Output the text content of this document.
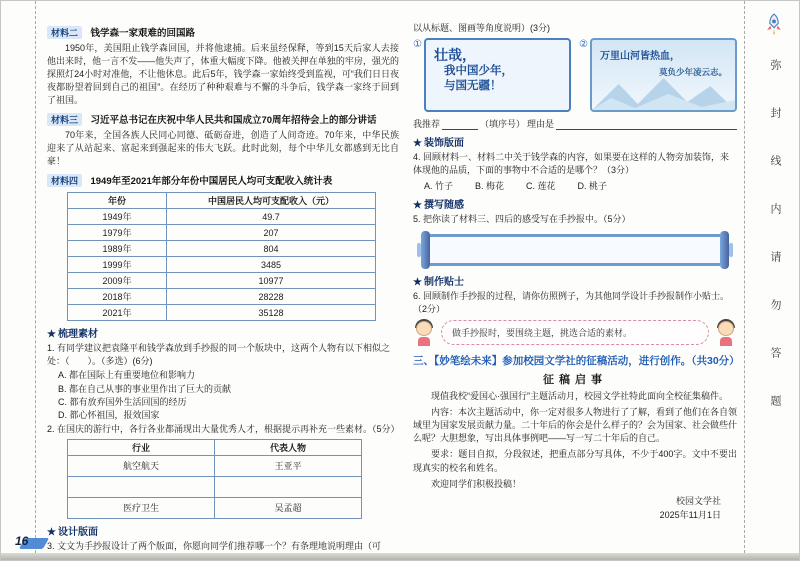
材料二 钱学森一家艰难的回国路

1950年，美国阻止钱学森回国，并将他逮捕。后来虽经保释，等到15天后家人去接他出来时，他一言不发——他失声了，体重大幅度下降。他被关押在单独的牢房，强光的探照灯24小时对准他，不让他休息。此后5年，钱学森一家始终受到监视，可“我们日日夜夜都盼望着回到自己的祖国”。在经历了种种艰难与不懈的斗争后，钱学森一家终于回到了祖国。

材料三 习近平总书记在庆祝中华人民共和国成立70周年招待会上的部分讲话

70年来，全国各族人民同心同德、砥砺奋进，创造了人间奇迹。70年来，中华民族迎来了从站起来、富起来到强起来的伟大飞跃。此时此刻，每个中华儿女都感到无比自豪！

材料四 1949年至2021年部分年份中国居民人均可支配收入统计表
年份	中国居民人均可支配收入（元）
1949年	49.7
1979年	207
1989年	804
1999年	3485
2009年	10977
2018年	28228
2021年	35128
★ 梳理素材
1. 有同学建议把袁隆平和钱学森放到手抄报的同一个版块中，这两个人物有以下相似之处：（　　）。（多选）(6分)
A. 都在国际上有重要地位和影响力
B. 都在自己从事的事业里作出了巨大的贡献
C. 都有放弃国外生活回国的经历
D. 都心怀祖国，报效国家
2. 在国庆的游行中，各行各业都涌现出大量优秀人才，根据提示再补充一些素材。（5分）
行业	代表人物
航空航天	王亚平

医疗卫生	吴孟超
★ 设计版面
3. 文文为手抄报设计了两个版面，你愿向同学们推荐哪一个？有条理地说明理由（可
以从标题、图画等角度说明）(3分)
①
壮哉，
我中国少年，
与国无疆！
②
万里山河皆热血，
莫负少年凌云志。
我推荐	（填序号） 理由是
★ 装饰版面
4. 回顾材料一、材料二中关于钱学森的内容，如果要在这样的人物旁加装饰，来体现他的品质，下面的事物中不合适的是哪个？（3分）
A. 竹子 B. 梅花 C. 莲花 D. 桃子
★ 撰写随感
5. 把你读了材料三、四后的感受写在手抄报中。（5分）
★ 制作贴士
6. 回顾制作手抄报的过程，请你仿照例子，为其他同学设计手抄报制作小贴士。（2分）
做手抄报时，要围绕主题，挑选合适的素材。
三、【妙笔绘未来】参加校园文学社的征稿活动，进行创作。（共30分）
征稿启事

现值我校“爱国心·强国行”主题活动月，校园文学社特此面向全校征集稿件。

内容：本次主题活动中，你一定对很多人物进行了了解，看到了他们在各自领域里为国家发展贡献力量。二十年后的你会是什么样子的？会为国家、社会做些什么呢？大胆想象，写出具体事例吧——写一写二十年后的自己。

要求：题目自拟，分段叙述，把重点部分写具体，不少于400字。文中不要出现真实的校名和姓名。

欢迎同学们积极投稿！

校园文学社
2025年11月1日
弥封线内请勿答题
16
